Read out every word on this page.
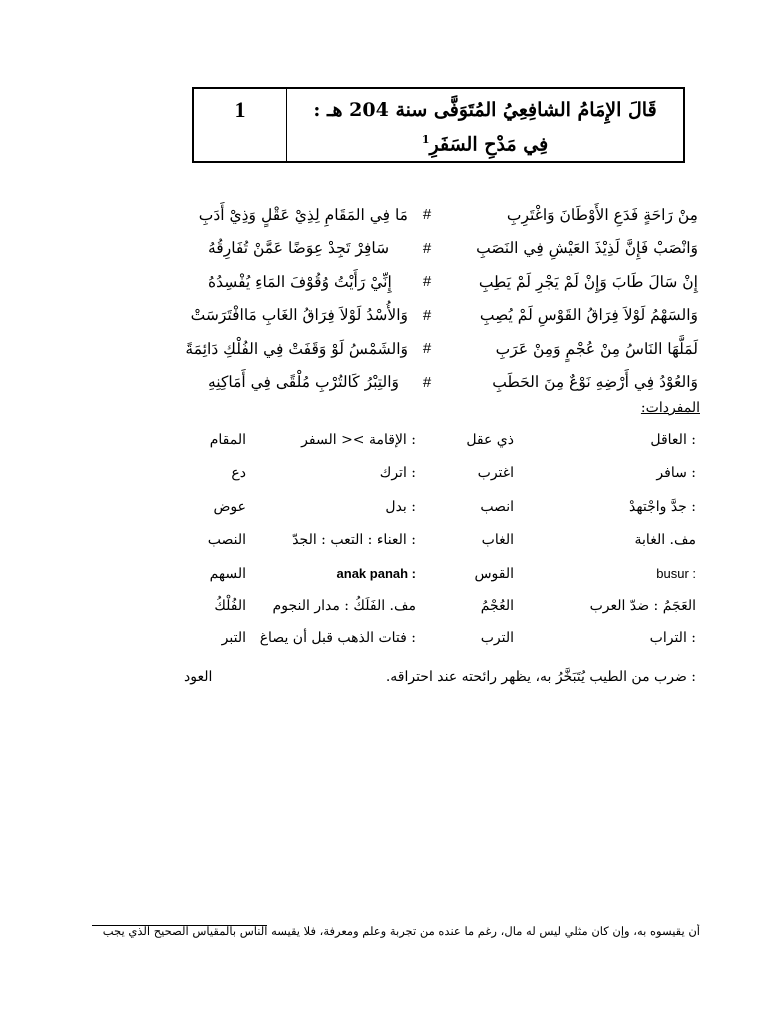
1	قَالَ الإِمَامُ الشافِعِيُ المُتَوَفَّى سنة 204 هـ :
فِي مَدْحِ السَفَرِ$^1$
مِنْ رَاحَةٍ فَدَعِ الأَوْطَانَ وَاغْتَرِبِ
#
مَا فِي المَقَامِ لِذِيْ عَقْلٍ وَذِيْ أَدَبِ
وَانْصَبْ فَإِنَّ لَذِيْذَ العَيْشِ فِي النَصَبِ
#
سَافِرْ تَجِدْ عِوَضًا عَمَّنْ تُفَارِقُهُ
إِنْ سَالَ طَابَ وَإِنْ لَمْ يَجْرِ لَمْ يَطِبِ
#
إِنِّيْ رَأَيْتُ وُقُوْفَ المَاءِ يُفْسِدُهُ
وَالسَهْمُ لَوْلاَ فِرَاقُ القَوْسِ لَمْ يُصِبِ
#
وَالأُسْدُ لَوْلاَ فِرَاقُ الغَابِ مَاافْتَرَسَتْ
لَمَلَّهَا النَاسُ مِنْ عُجْمٍ وَمِنْ عَرَبِ
#
وَالشَمْسُ لَوْ وَقَفَتْ فِي الفُلْكِ دَائِمَةً
وَالعُوْدُ فِي أَرْضِهِ نَوْعٌ مِنَ الحَطَبِ
#
وَالتِبْرُ كَالتُرْبِ مُلْقًى فِي أَمَاكِنِهِ
المفردات:
: العاقل
ذي عقل
: الإقامة >< السفر
المقام
: سافر
اغترب
: اترك
دع
: جدَّ واجْتهدْ
انصب
: بدل
عوض
مف. الغابة
الغاب
: العناء : التعب : الجدّ
النصب
busur :
القوس
anak panah :
السهم
العَجَمُ : ضدّ العرب
العُجْمُ
مف. الفَلَكُ : مدار النجوم
الفُلْكُ
: التراب
الترب
: فتات الذهب قبل أن يصاغ
التبر
: ضرب من الطيب يُتَبَخَّرُ به، يظهر رائحته عند احتراقه.
العود
أن يقيسوه به، وإن كان مثلي ليس له مال، رغم ما عنده من تجربة وعلم ومعرفة، فلا يقيسه الناس بالمقياس الصحيح الذي يجب
